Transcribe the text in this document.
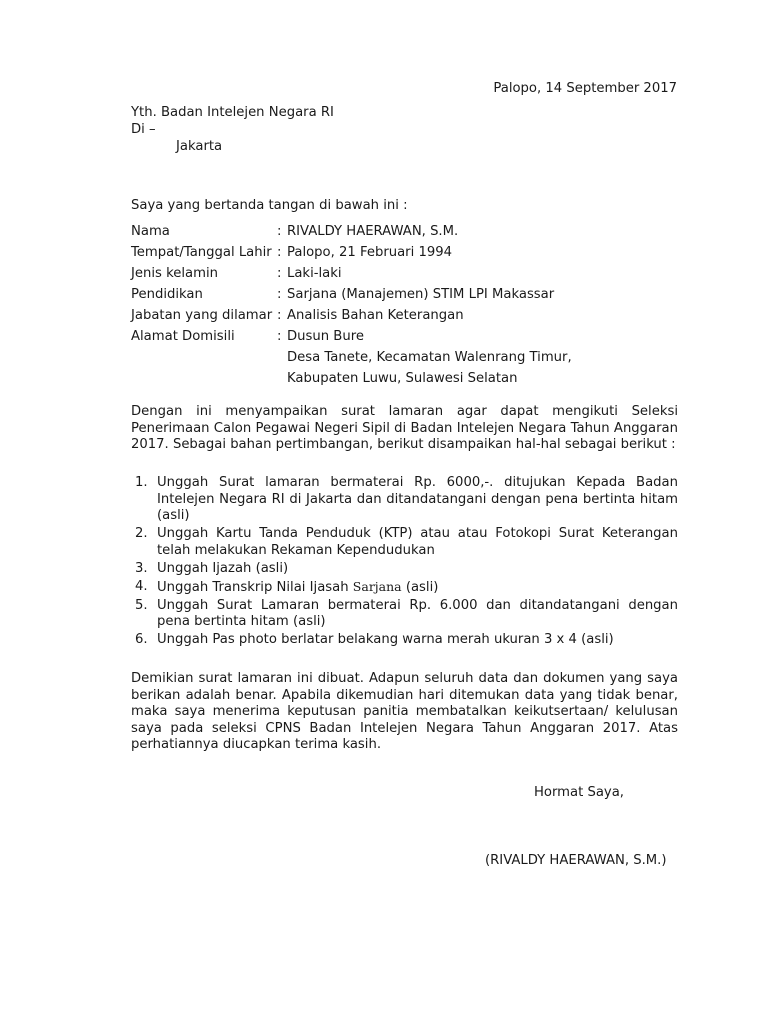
Palopo, 14 September 2017
Yth. Badan Intelejen Negara RI
Di –
Jakarta
Saya yang bertanda tangan di bawah ini :
Nama	: RIVALDY HAERAWAN, S.M.
Tempat/Tanggal Lahir : Palopo, 21 Februari 1994
Jenis kelamin	: Laki-laki
Pendidikan	: Sarjana (Manajemen) STIM LPI Makassar
Jabatan yang dilamar : Analisis Bahan Keterangan
Alamat Domisili	: Dusun Bure
Desa Tanete, Kecamatan Walenrang Timur,
Kabupaten Luwu, Sulawesi Selatan
Dengan ini menyampaikan surat lamaran agar dapat mengikuti Seleksi Penerimaan Calon Pegawai Negeri Sipil di Badan Intelejen Negara Tahun Anggaran 2017. Sebagai bahan pertimbangan, berikut disampaikan hal-hal sebagai berikut :
1. Unggah Surat lamaran bermaterai Rp. 6000,-. ditujukan Kepada Badan Intelejen Negara RI di Jakarta dan ditandatangani dengan pena bertinta hitam (asli)
2. Unggah Kartu Tanda Penduduk (KTP) atau atau Fotokopi Surat Keterangan telah melakukan Rekaman Kependudukan
3. Unggah Ijazah (asli)
4. Unggah Transkrip Nilai Ijasah Sarjana (asli)
5. Unggah Surat Lamaran bermaterai Rp. 6.000 dan ditandatangani dengan pena bertinta hitam (asli)
6. Unggah Pas photo berlatar belakang warna merah ukuran 3 x 4 (asli)
Demikian surat lamaran ini dibuat. Adapun seluruh data dan dokumen yang saya berikan adalah benar. Apabila dikemudian hari ditemukan data yang tidak benar, maka saya menerima keputusan panitia membatalkan keikutsertaan/ kelulusan saya pada seleksi CPNS Badan Intelejen Negara Tahun Anggaran 2017. Atas perhatiannya diucapkan terima kasih.
Hormat Saya,
(RIVALDY HAERAWAN, S.M.)
